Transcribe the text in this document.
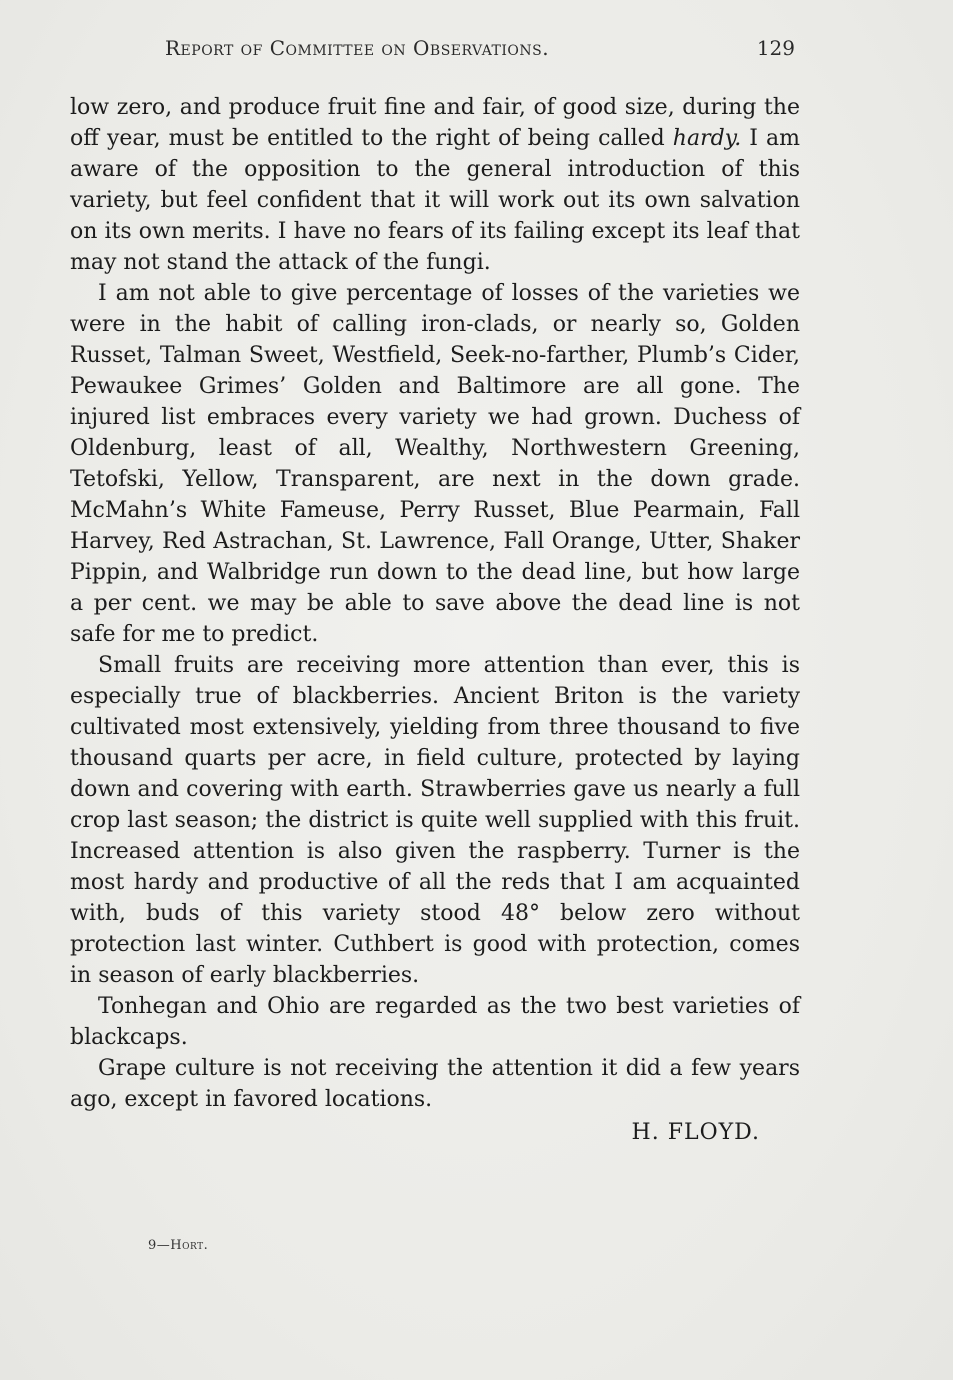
Report of Committee on Observations.	129

low zero, and produce fruit fine and fair, of good size, during the off year, must be entitled to the right of being called hardy. I am aware of the opposition to the general introduction of this variety, but feel confident that it will work out its own salvation on its own merits. I have no fears of its failing except its leaf that may not stand the attack of the fungi.

I am not able to give percentage of losses of the varieties we were in the habit of calling iron-clads, or nearly so, Golden Russet, Talman Sweet, Westfield, Seek-no-farther, Plumb’s Cider, Pewaukee Grimes’ Golden and Baltimore are all gone. The injured list embraces every variety we had grown. Duchess of Oldenburg, least of all, Wealthy, Northwestern Greening, Tetofski, Yellow, Transparent, are next in the down grade. McMahn’s White Fameuse, Perry Russet, Blue Pearmain, Fall Harvey, Red Astrachan, St. Lawrence, Fall Orange, Utter, Shaker Pippin, and Walbridge run down to the dead line, but how large a per cent. we may be able to save above the dead line is not safe for me to predict.

Small fruits are receiving more attention than ever, this is especially true of blackberries. Ancient Briton is the variety cultivated most extensively, yielding from three thousand to five thousand quarts per acre, in field culture, protected by laying down and covering with earth. Strawberries gave us nearly a full crop last season; the district is quite well supplied with this fruit. Increased attention is also given the raspberry. Turner is the most hardy and productive of all the reds that I am acquainted with, buds of this variety stood 48° below zero without protection last winter. Cuthbert is good with protection, comes in season of early blackberries.

Tonhegan and Ohio are regarded as the two best varieties of blackcaps.

Grape culture is not receiving the attention it did a few years ago, except in favored locations.

H. FLOYD.
9—Hort.
